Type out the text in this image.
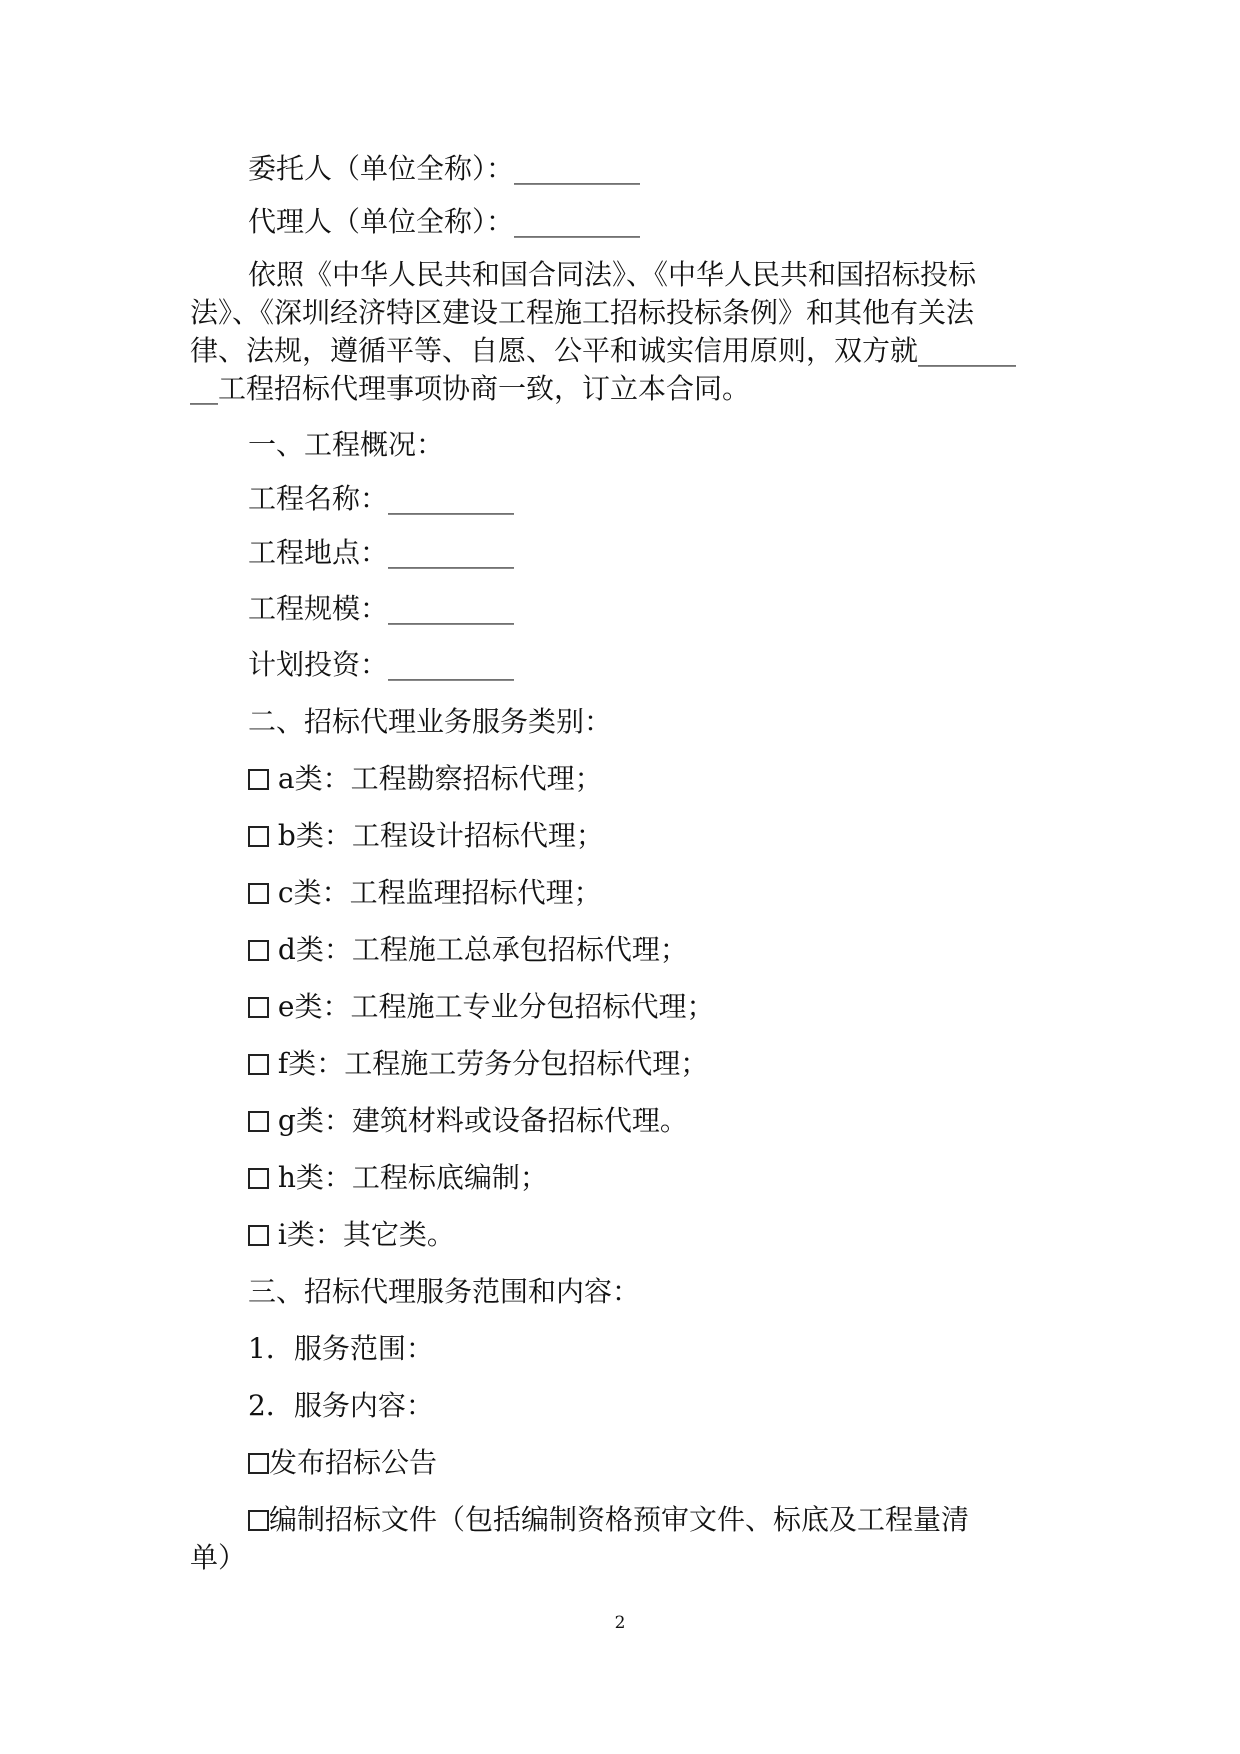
委托人（单位全称）：_________

代理人（单位全称）：_________

依照《中华人民共和国合同法》、《中华人民共和国招标投标

法》、《深圳经济特区建设工程施工招标投标条例》和其他有关法

律、法规，遵循平等、自愿、公平和诚实信用原则，双方就_______

__工程招标代理事项协商一致，订立本合同。

一、工程概况：

工程名称：_________

工程地点：_________

工程规模：_________

计划投资：_________

二、招标代理业务服务类别：

a类：工程勘察招标代理；

b类：工程设计招标代理；

c类：工程监理招标代理；

d类：工程施工总承包招标代理；

e类：工程施工专业分包招标代理；

f类：工程施工劳务分包招标代理；

g类：建筑材料或设备招标代理。

h类：工程标底编制；

i类：其它类。

三、招标代理服务范围和内容：

1．服务范围：

2．服务内容：

发布招标公告

编制招标文件（包括编制资格预审文件、标底及工程量清

单）

2
